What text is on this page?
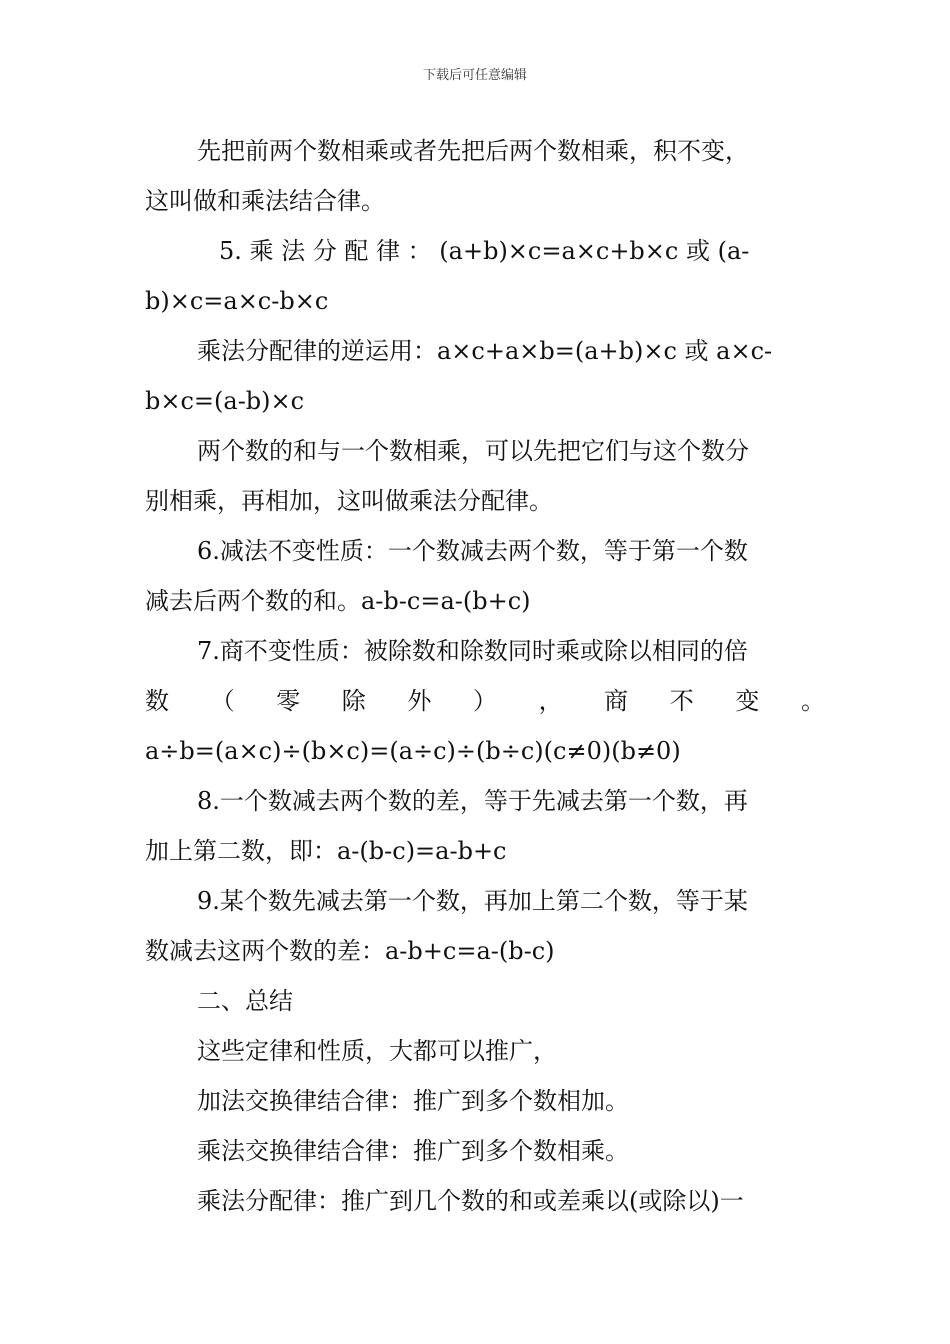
下载后可任意编辑
先把前两个数相乘或者先把后两个数相乘，积不变，
这叫做和乘法结合律。
5. 乘 法 分 配 律 ： (a+b)×c=a×c+b×c 或 (a-
b)×c=a×c-b×c
乘法分配律的逆运用：a×c+a×b=(a+b)×c 或 a×c-
b×c=(a-b)×c
两个数的和与一个数相乘，可以先把它们与这个数分
别相乘，再相加，这叫做乘法分配律。
6.减法不变性质：一个数减去两个数，等于第一个数
减去后两个数的和。a-b-c=a-(b+c)
7.商不变性质：被除数和除数同时乘或除以相同的倍
数 （ 零 除 外 ） ， 商 不 变 。
a÷b=(a×c)÷(b×c)=(a÷c)÷(b÷c)(c≠0)(b≠0)
8.一个数减去两个数的差，等于先减去第一个数，再
加上第二数，即：a-(b-c)=a-b+c
9.某个数先减去第一个数，再加上第二个数，等于某
数减去这两个数的差：a-b+c=a-(b-c)
二、总结
这些定律和性质，大都可以推广，
加法交换律结合律：推广到多个数相加。
乘法交换律结合律：推广到多个数相乘。
乘法分配律：推广到几个数的和或差乘以(或除以)一
